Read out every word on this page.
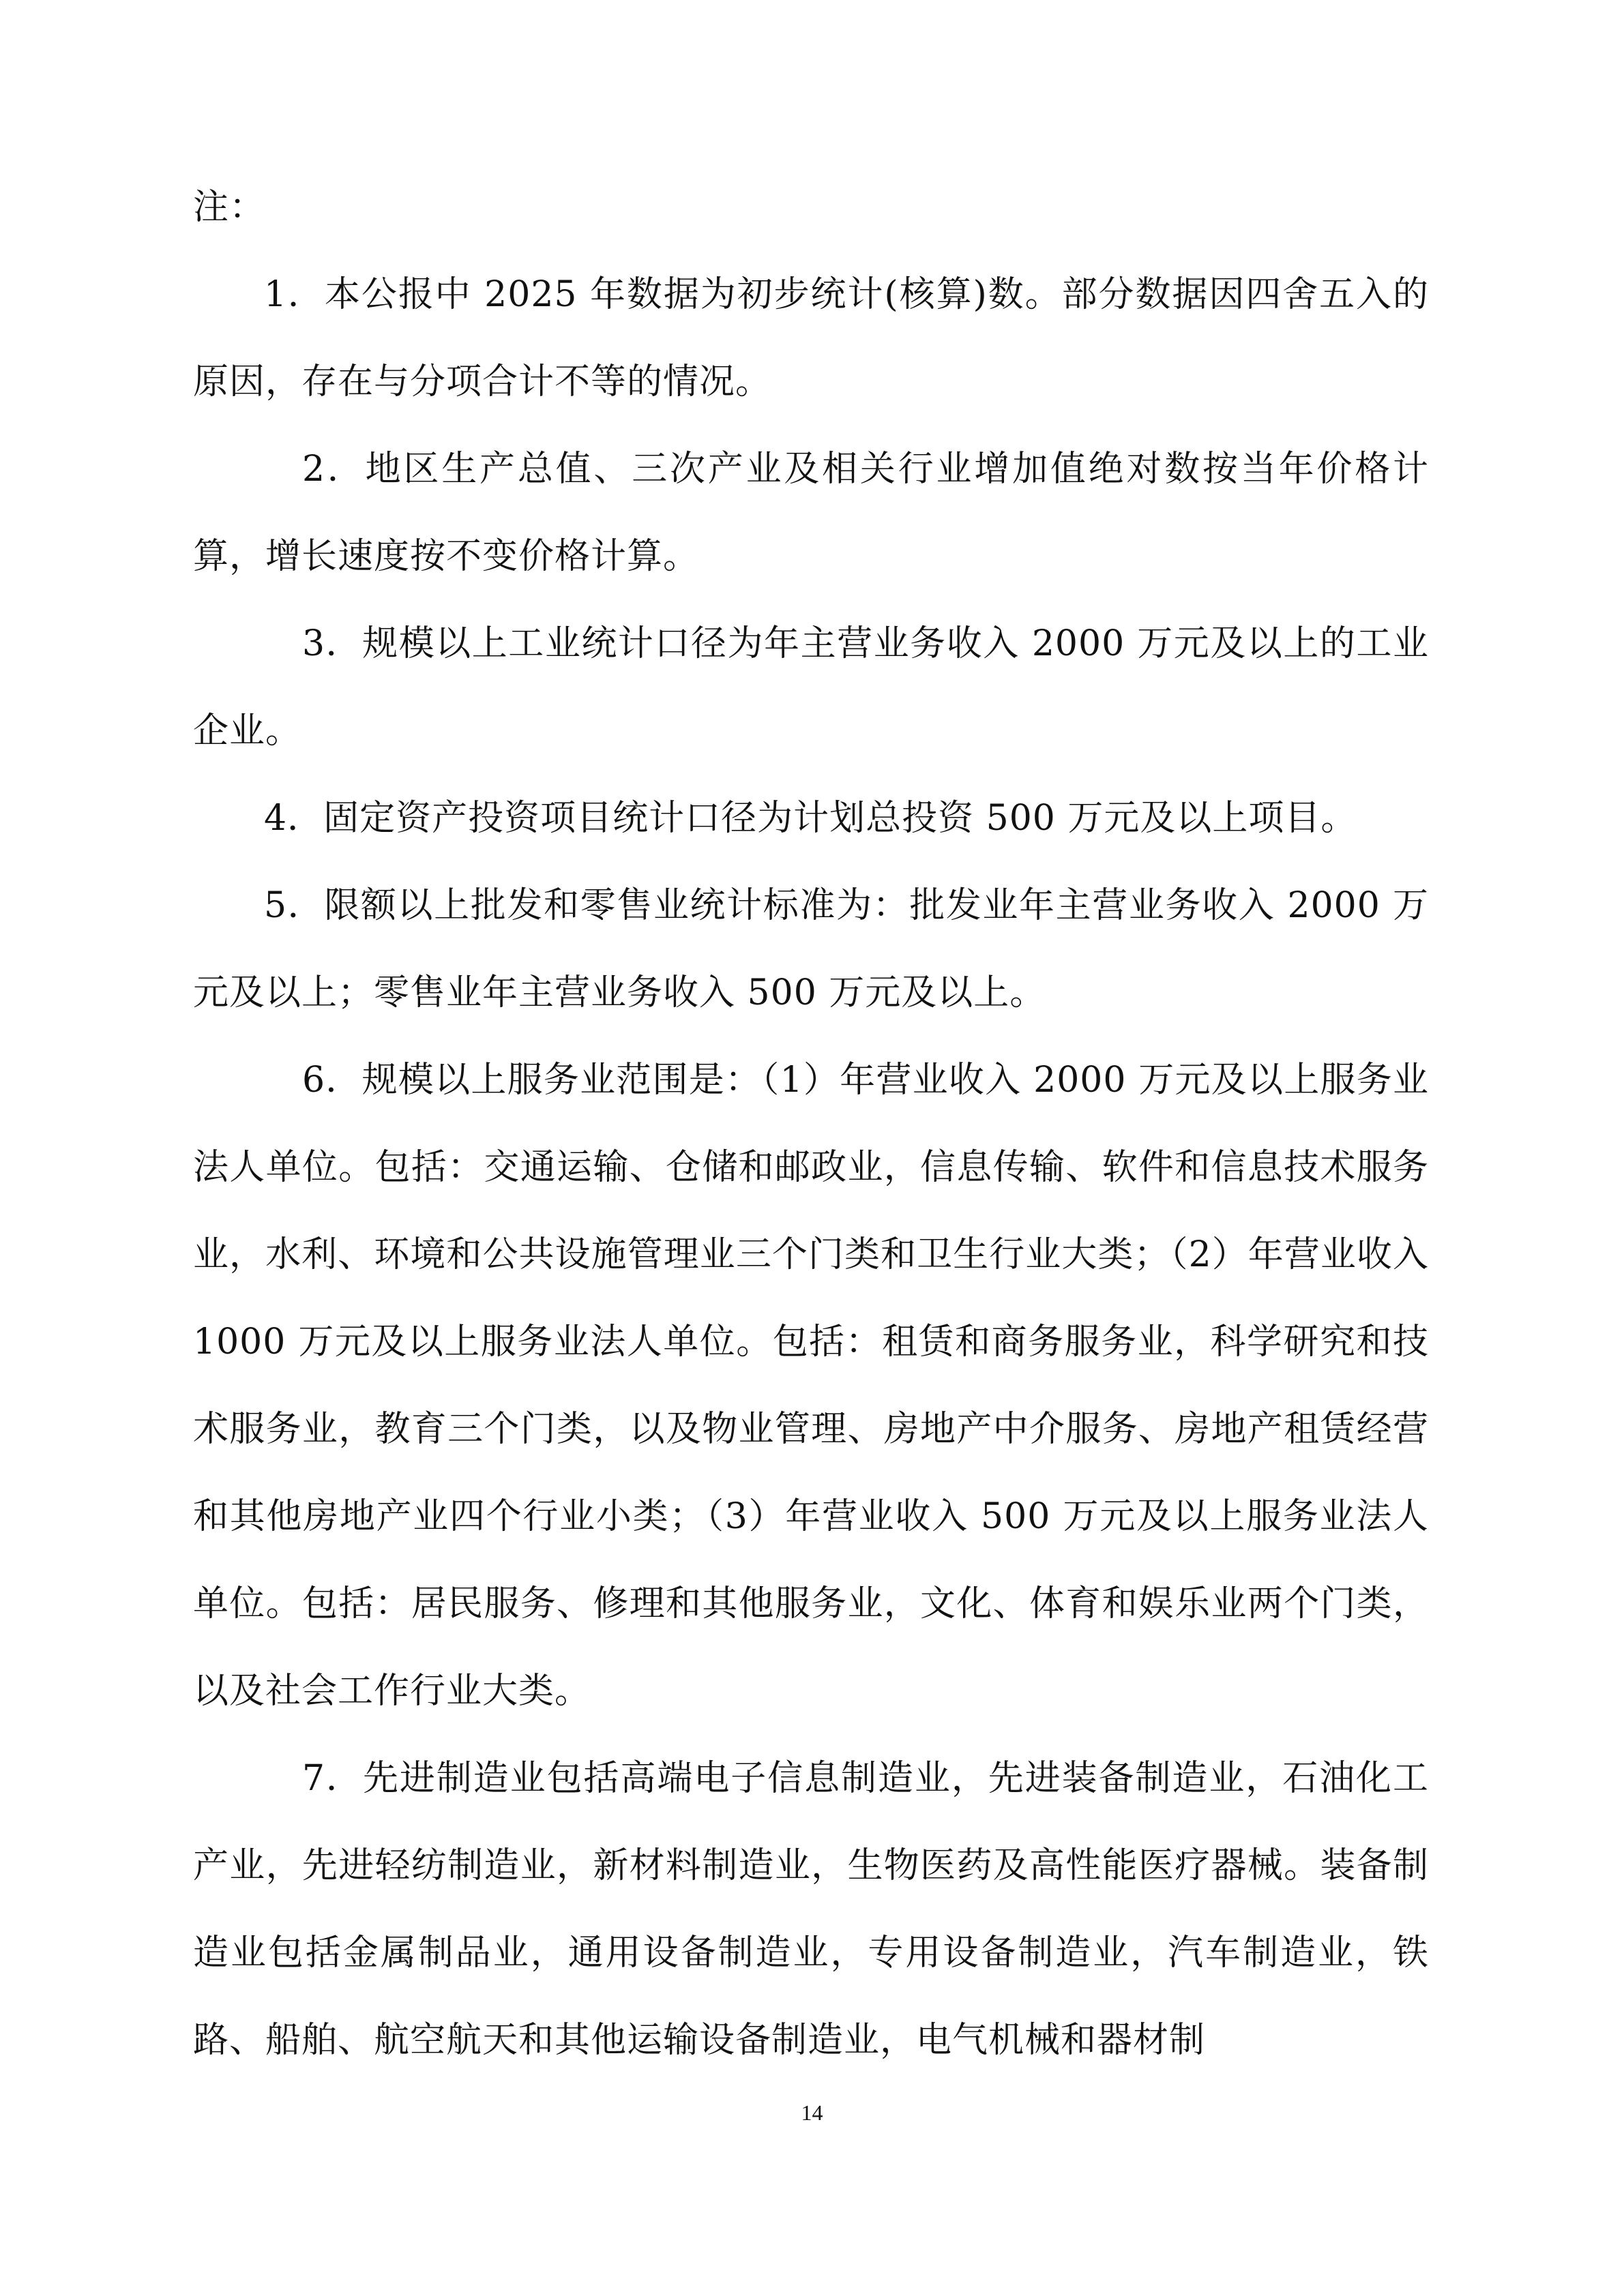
注：

1．本公报中 2025 年数据为初步统计(核算)数。部分数据因四舍五入的原因，存在与分项合计不等的情况。

2．地区生产总值、三次产业及相关行业增加值绝对数按当年价格计算，增长速度按不变价格计算。

3．规模以上工业统计口径为年主营业务收入 2000 万元及以上的工业企业。

4．固定资产投资项目统计口径为计划总投资 500 万元及以上项目。

5．限额以上批发和零售业统计标准为：批发业年主营业务收入 2000 万元及以上；零售业年主营业务收入 500 万元及以上。

6．规模以上服务业范围是：（1）年营业收入 2000 万元及以上服务业法人单位。包括：交通运输、仓储和邮政业，信息传输、软件和信息技术服务业，水利、环境和公共设施管理业三个门类和卫生行业大类；（2）年营业收入 1000 万元及以上服务业法人单位。包括：租赁和商务服务业，科学研究和技术服务业，教育三个门类，以及物业管理、房地产中介服务、房地产租赁经营和其他房地产业四个行业小类；（3）年营业收入 500 万元及以上服务业法人单位。包括：居民服务、修理和其他服务业，文化、体育和娱乐业两个门类，以及社会工作行业大类。

7．先进制造业包括高端电子信息制造业，先进装备制造业，石油化工产业，先进轻纺制造业，新材料制造业，生物医药及高性能医疗器械。装备制造业包括金属制品业，通用设备制造业，专用设备制造业，汽车制造业，铁路、船舶、航空航天和其他运输设备制造业，电气机械和器材制

14
